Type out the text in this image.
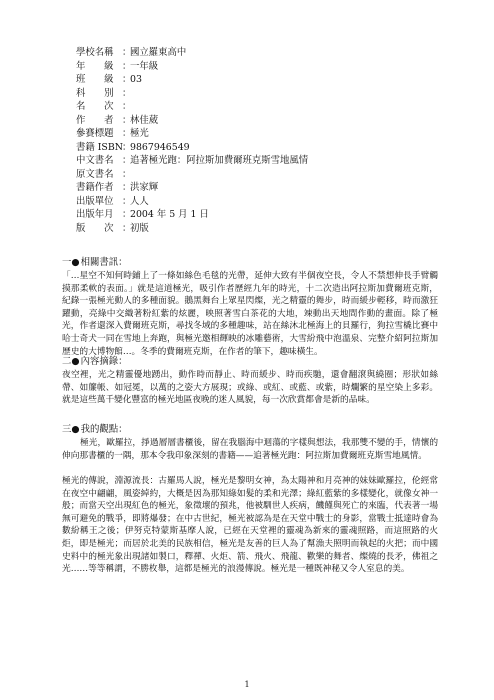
學校名稱 ：
國立羅東高中
年　　級 ：
一年級
班　　級 ：
03
科　　別 ：
名　　次 ：
作　　者 ：
林佳葳
參賽標題 ：
極光
書籍 ISBN ：
9867946549
中文書名 ：
追著極光跑：阿拉斯加費爾班克斯雪地風情
原文書名 ：
書籍作者 ：
洪家輝
出版單位 ：
人人
出版年月 ：
2004 年 5 月 1 日
版　　次 ：
初版
一●相關書訊：
「…星空不知何時鋪上了一條如絲色毛毯的光帶，延伸大致有半個夜空長，令人不禁想伸長手臂觸摸那柔軟的表面。」就是這道極光，吸引作者歷經九年的時光，十二次造出阿拉斯加費爾班克斯，紀錄一張極光動人的多種面貌。鵝黑舞台上眾星閃燦，光之精靈的舞步，時而緩步輕移，時而激狂躍動，亮綠中交織著粉紅紫的炫麗，映照著雪白茶花的大地，竦動出天地間作動的畫面。除了極光，作者還深入費爾班克斯，尋找冬域的多種趣味，站在絲沐北極海上的貝羅行，狗拉雪橇比賽中哈士奇犬一同在雪地上奔跑，與極光邀相輝映的冰雕藝術，大雪紛飛中泡溫泉、完整介紹阿拉斯加歷史的大博物館…。冬季的費爾班克斯，在作者的筆下，趣味橫生。
二●內容摘錄：
夜空裡，光之精靈優地踴出，動作時而靜止、時而緩步、時而疾馳，還會翻滾與繞圈；形狀如絲帶、如簾帳、如冠冕，以萬的之姿大方展現；或綠、或紅、或藍、或紫，時爛繁的星空染上多彩。就是這些萬千變化豐富的極光地區夜晚的迷人風貌，每一次欣賞都會是新的品味。
三●我的觀點：
極光，歐羅拉，掙過層層書櫃後，留在我腦海中迴蕩的字樣與想法，我那雙不變的手，情懷的伸向那書櫃的一隅，那本令我印象深刻的書籍——追著極光跑：阿拉斯加費爾班克斯雪地風情。
極光的傳說，淵源流長：古羅馬人說，極光是黎明女神，為太陽神和月亮神的妹妹歐羅拉，伦經常在夜空中翩翩，風姿綽約，大概是因為那知綠如髮的柔和光澤；綠紅藍紫的多樣變化，就像女神一般；而當天空出現紅色的極光，象徵壞的預兆，他被馴世人疾病，饑饉與死亡的來臨，代表著一場無可避免的戰爭，即將爆發；在中古世紀，極光被認為是在天堂中戰士的身影，當戰士抵達時會為數紛稱王之後；伊努克特蒙斯基摩人說，已經在天堂裡的靈魂為新來的靈魂照路，而這照路的火炬，即是極光；而居於北美的民族相信，極光是友善的巨人為了幫漁夫照明而執起的火把；而中國史料中的極光象出現諸如製口，釋禪、火炬、箭、飛火、飛龍、歡樂的舞者、燦燒的長矛，佛祖之光……等等稱謂，不勝枚舉，這都是極光的浪漫傳說。極光是一種既神秘又令人室息的美。
1
